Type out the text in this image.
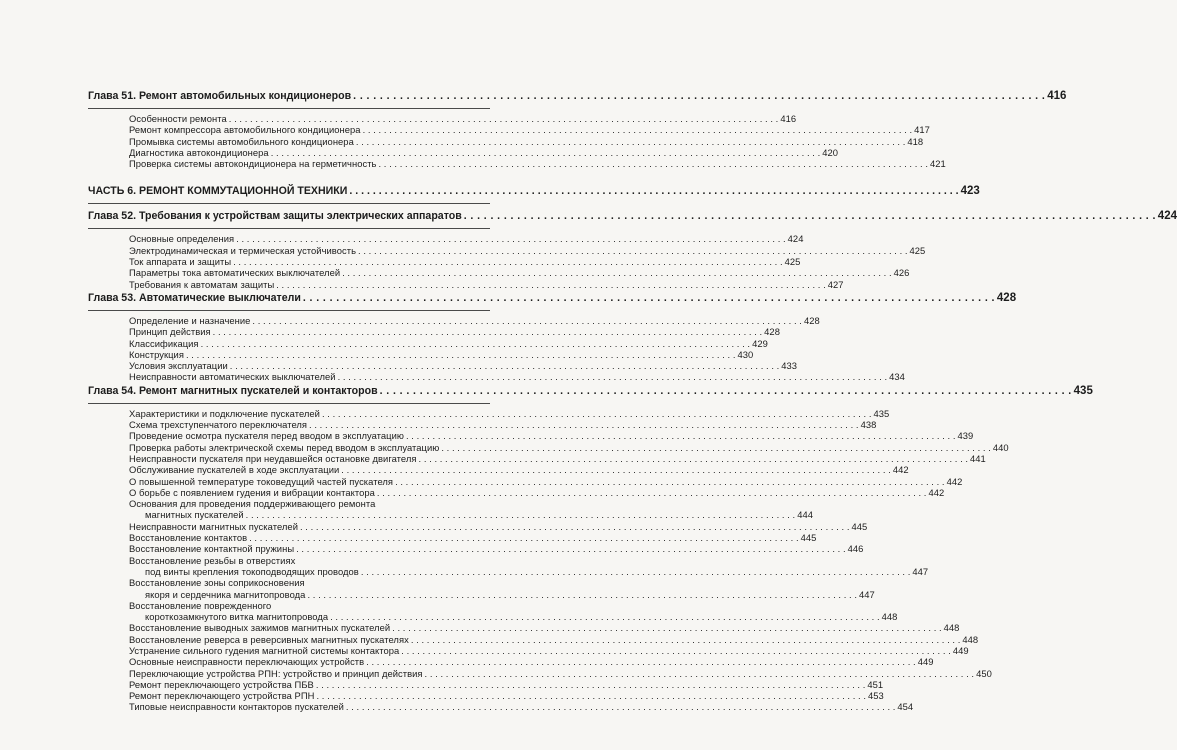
Глава 51. Ремонт автомобильных кондиционеров . . .	416
Особенности ремонта . . .	416
Ремонт компрессора автомобильного кондиционера . . .	417
Промывка системы автомобильного кондиционера . . .	418
Диагностика автокондиционера . . .	420
Проверка системы автокондиционера на герметичность . . .	421
ЧАСТЬ 6. РЕМОНТ КОММУТАЦИОННОЙ ТЕХНИКИ . . .	423
Глава 52. Требования к устройствам защиты электрических аппаратов . . .	424
Основные определения . . .	424
Электродинамическая и термическая устойчивость . . .	425
Ток аппарата и защиты . . .	425
Параметры тока автоматических выключателей . . .	426
Требования к автоматам защиты . . .	427
Глава 53. Автоматические выключатели . . .	428
Определение и назначение . . .	428
Принцип действия . . .	428
Классификация . . .	429
Конструкция . . .	430
Условия эксплуатации . . .	433
Неисправности автоматических выключателей . . .	434
Глава 54. Ремонт магнитных пускателей и контакторов . . .	435
Характеристики и подключение пускателей . . .	435
Схема трехступенчатого переключателя . . .	438
Проведение осмотра пускателя перед вводом в эксплуатацию . . .	439
Проверка работы электрической схемы перед вводом в эксплуатацию . . .	440
Неисправности пускателя при неудавшейся остановке двигателя . . .	441
Обслуживание пускателей в ходе эксплуатации . . .	442
О повышенной температуре токоведущий частей пускателя . . .	442
О борьбе с появлением гудения и вибрации контактора . . .	442
Основания для проведения поддерживающего ремонта
магнитных пускателей . . .	444
Неисправности магнитных пускателей . . .	445
Восстановление контактов . . .	445
Восстановление контактной пружины . . .	446
Восстановление резьбы в отверстиях
под винты крепления токоподводящих проводов . . .	447
Восстановление зоны соприкосновения
якоря и сердечника магнитопровода . . .	447
Восстановление поврежденного
короткозамкнутого витка магнитопровода . . .	448
Восстановление выводных зажимов магнитных пускателей . . .	448
Восстановление реверса в реверсивных магнитных пускателях . . .	448
Устранение сильного гудения магнитной системы контактора . . .	449
Основные неисправности переключающих устройств . . .	449
Переключающие устройства РПН: устройство и принцип действия . . .	450
Ремонт переключающего устройства ПБВ . . .	451
Ремонт переключающего устройства РПН . . .	453
Типовые неисправности контакторов пускателей . . .	454
